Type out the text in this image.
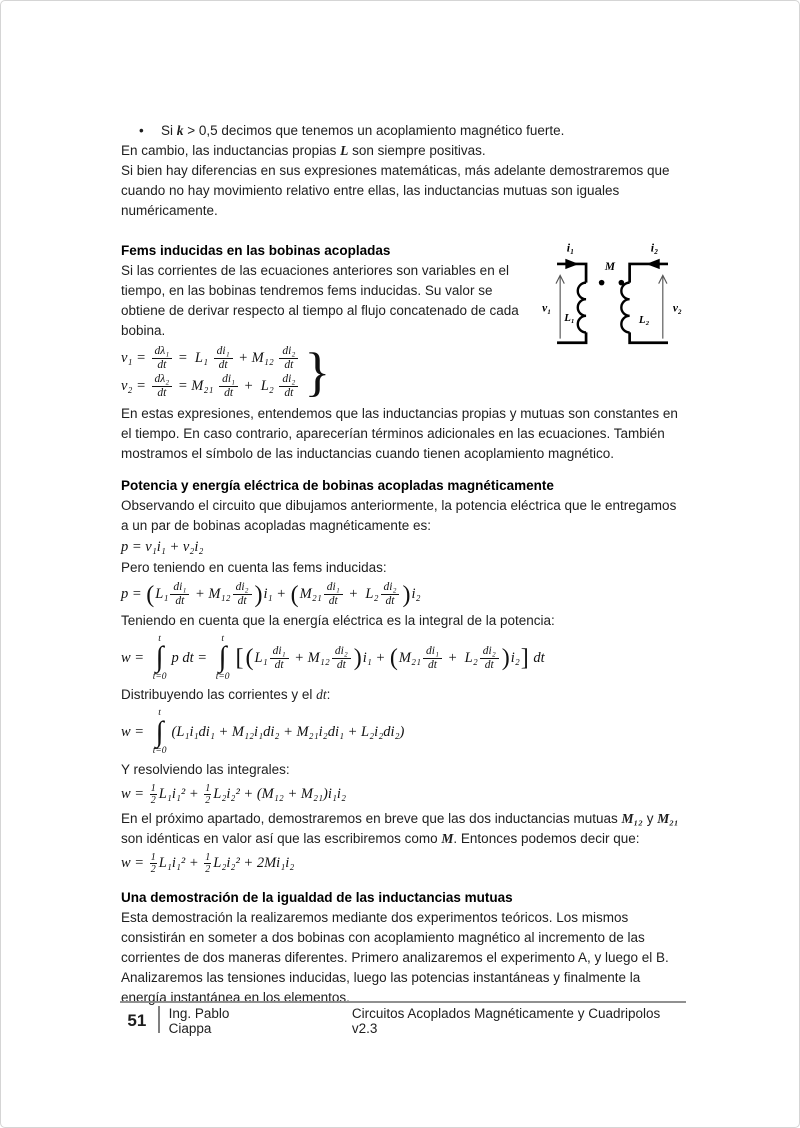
•	Si k > 0,5 decimos que tenemos un acoplamiento magnético fuerte.

En cambio, las inductancias propias L son siempre positivas.

Si bien hay diferencias en sus expresiones matemáticas, más adelante demostraremos que cuando no hay movimiento relativo entre ellas, las inductancias mutuas son iguales numéricamente.

i₁	i₂
M
v₁	v₂
L₁	L₂

Fems inducidas en las bobinas acopladas

Si las corrientes de las ecuaciones anteriores son variables en el tiempo, en las bobinas tendremos fems inducidas. Su valor se obtiene de derivar respecto al tiempo al flujo concatenado de cada bobina.

$v_1 = \frac{\text{dλ₁}}{dt} = L_1 \frac{\text{di₁}}{dt} + M_{12} \frac{\text{di₂}}{dt}$
$v_2 = \frac{\text{dλ₂}}{dt} = M_{21} \frac{\text{di₁}}{dt} + L_2 \frac{\text{di₂}}{dt}$ }

En estas expresiones, entendemos que las inductancias propias y mutuas son constantes en el tiempo. En caso contrario, aparecerían términos adicionales en las ecuaciones. También mostramos el símbolo de las inductancias cuando tienen acoplamiento magnético.

Potencia y energía eléctrica de bobinas acopladas magnéticamente

Observando el circuito que dibujamos anteriormente, la potencia eléctrica que le entregamos a un par de bobinas acopladas magnéticamente es:

p = v₁i₁ + v₂i₂

Pero teniendo en cuenta las fems inducidas:

p = ( $L_1 \frac{\text{di₁}}{dt} + M_{12} \frac{\text{di₂}}{dt}$ ) i₁ + ( $M_{21} \frac{\text{di₁}}{dt} + L_2 \frac{\text{di₂}}{dt}$ ) i₂

Teniendo en cuenta que la energía eléctrica es la integral de la potencia:

w =
t
∫
t=0
p dt =
t
∫
t=0
[ ( $L_1 \frac{\text{di₁}}{dt} + M_{12} \frac{\text{di₂}}{dt}$ ) i₁ + ( $M_{21} \frac{\text{di₁}}{dt} + L_2 \frac{\text{di₂}}{dt}$ ) i₂ ] dt

Distribuyendo las corrientes y el dt:

w =
t
∫
t=0
(L₁i₁di₁ + M₁₂i₁di₂ + M₂₁i₂di₁ + L₂i₂di₂)

Y resolviendo las integrales:

$w = \frac{1}{2} L_1i_1^2 + \frac{1}{2} L_2i_2^2 + (M_{12} + M_{21})i_1i_2$

En el próximo apartado, demostraremos en breve que las dos inductancias mutuas M₁₂ y M₂₁ son idénticas en valor así que las escribiremos como M. Entonces podemos decir que:

$w = \frac{1}{2} L_1i_1^2 + \frac{1}{2} L_2i_2^2 + 2Mi_1i_2$

Una demostración de la igualdad de las inductancias mutuas

Esta demostración la realizaremos mediante dos experimentos teóricos. Los mismos consistirán en someter a dos bobinas con acoplamiento magnético al incremento de las corrientes de dos maneras diferentes. Primero analizaremos el experimento A, y luego el B. Analizaremos las tensiones inducidas, luego las potencias instantáneas y finalmente la energía instantánea en los elementos.

51	Ing. Pablo Ciappa
Circuitos Acoplados Magnéticamente y Cuadripolos v2.3
